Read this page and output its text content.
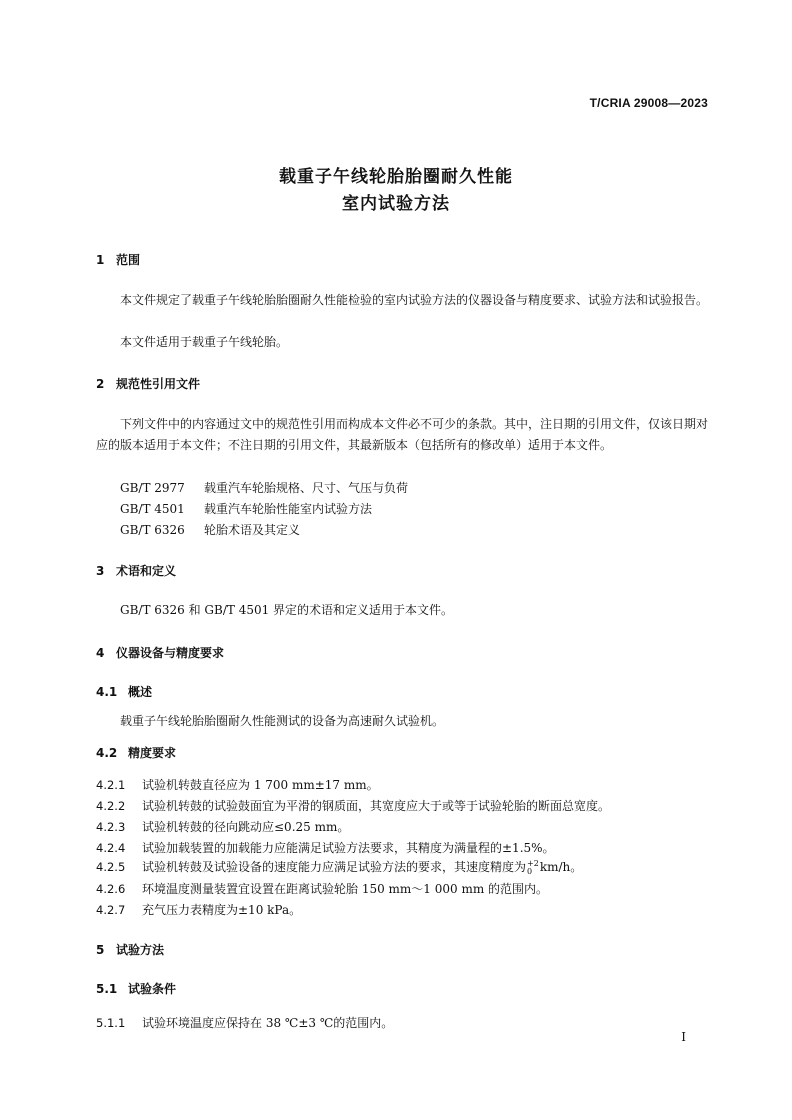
T/CRIA 29008—2023
载重子午线轮胎胎圈耐久性能
室内试验方法
1 范围
本文件规定了载重子午线轮胎胎圈耐久性能检验的室内试验方法的仪器设备与精度要求、试验方法和试验报告。
本文件适用于载重子午线轮胎。
2 规范性引用文件
下列文件中的内容通过文中的规范性引用而构成本文件必不可少的条款。其中，注日期的引用文件，仅该日期对应的版本适用于本文件；不注日期的引用文件，其最新版本（包括所有的修改单）适用于本文件。
GB/T 2977 载重汽车轮胎规格、尺寸、气压与负荷
GB/T 4501 载重汽车轮胎性能室内试验方法
GB/T 6326 轮胎术语及其定义
3 术语和定义
GB/T 6326 和 GB/T 4501 界定的术语和定义适用于本文件。
4 仪器设备与精度要求
4.1 概述
载重子午线轮胎胎圈耐久性能测试的设备为高速耐久试验机。
4.2 精度要求
4.2.1 试验机转鼓直径应为 1 700 mm±17 mm。
4.2.2 试验机转鼓的试验鼓面宜为平滑的钢质面，其宽度应大于或等于试验轮胎的断面总宽度。
4.2.3 试验机转鼓的径向跳动应≤0.25 mm。
4.2.4 试验加载装置的加载能力应能满足试验方法要求，其精度为满量程的±1.5%。
4.2.5 试验机转鼓及试验设备的速度能力应满足试验方法的要求，其速度精度为 +2
0 km/h。
4.2.6 环境温度测量装置宜设置在距离试验轮胎 150 mm～1 000 mm 的范围内。
4.2.7 充气压力表精度为±10 kPa。
5 试验方法
5.1 试验条件
5.1.1 试验环境温度应保持在 38 ℃±3 ℃的范围内。
I
